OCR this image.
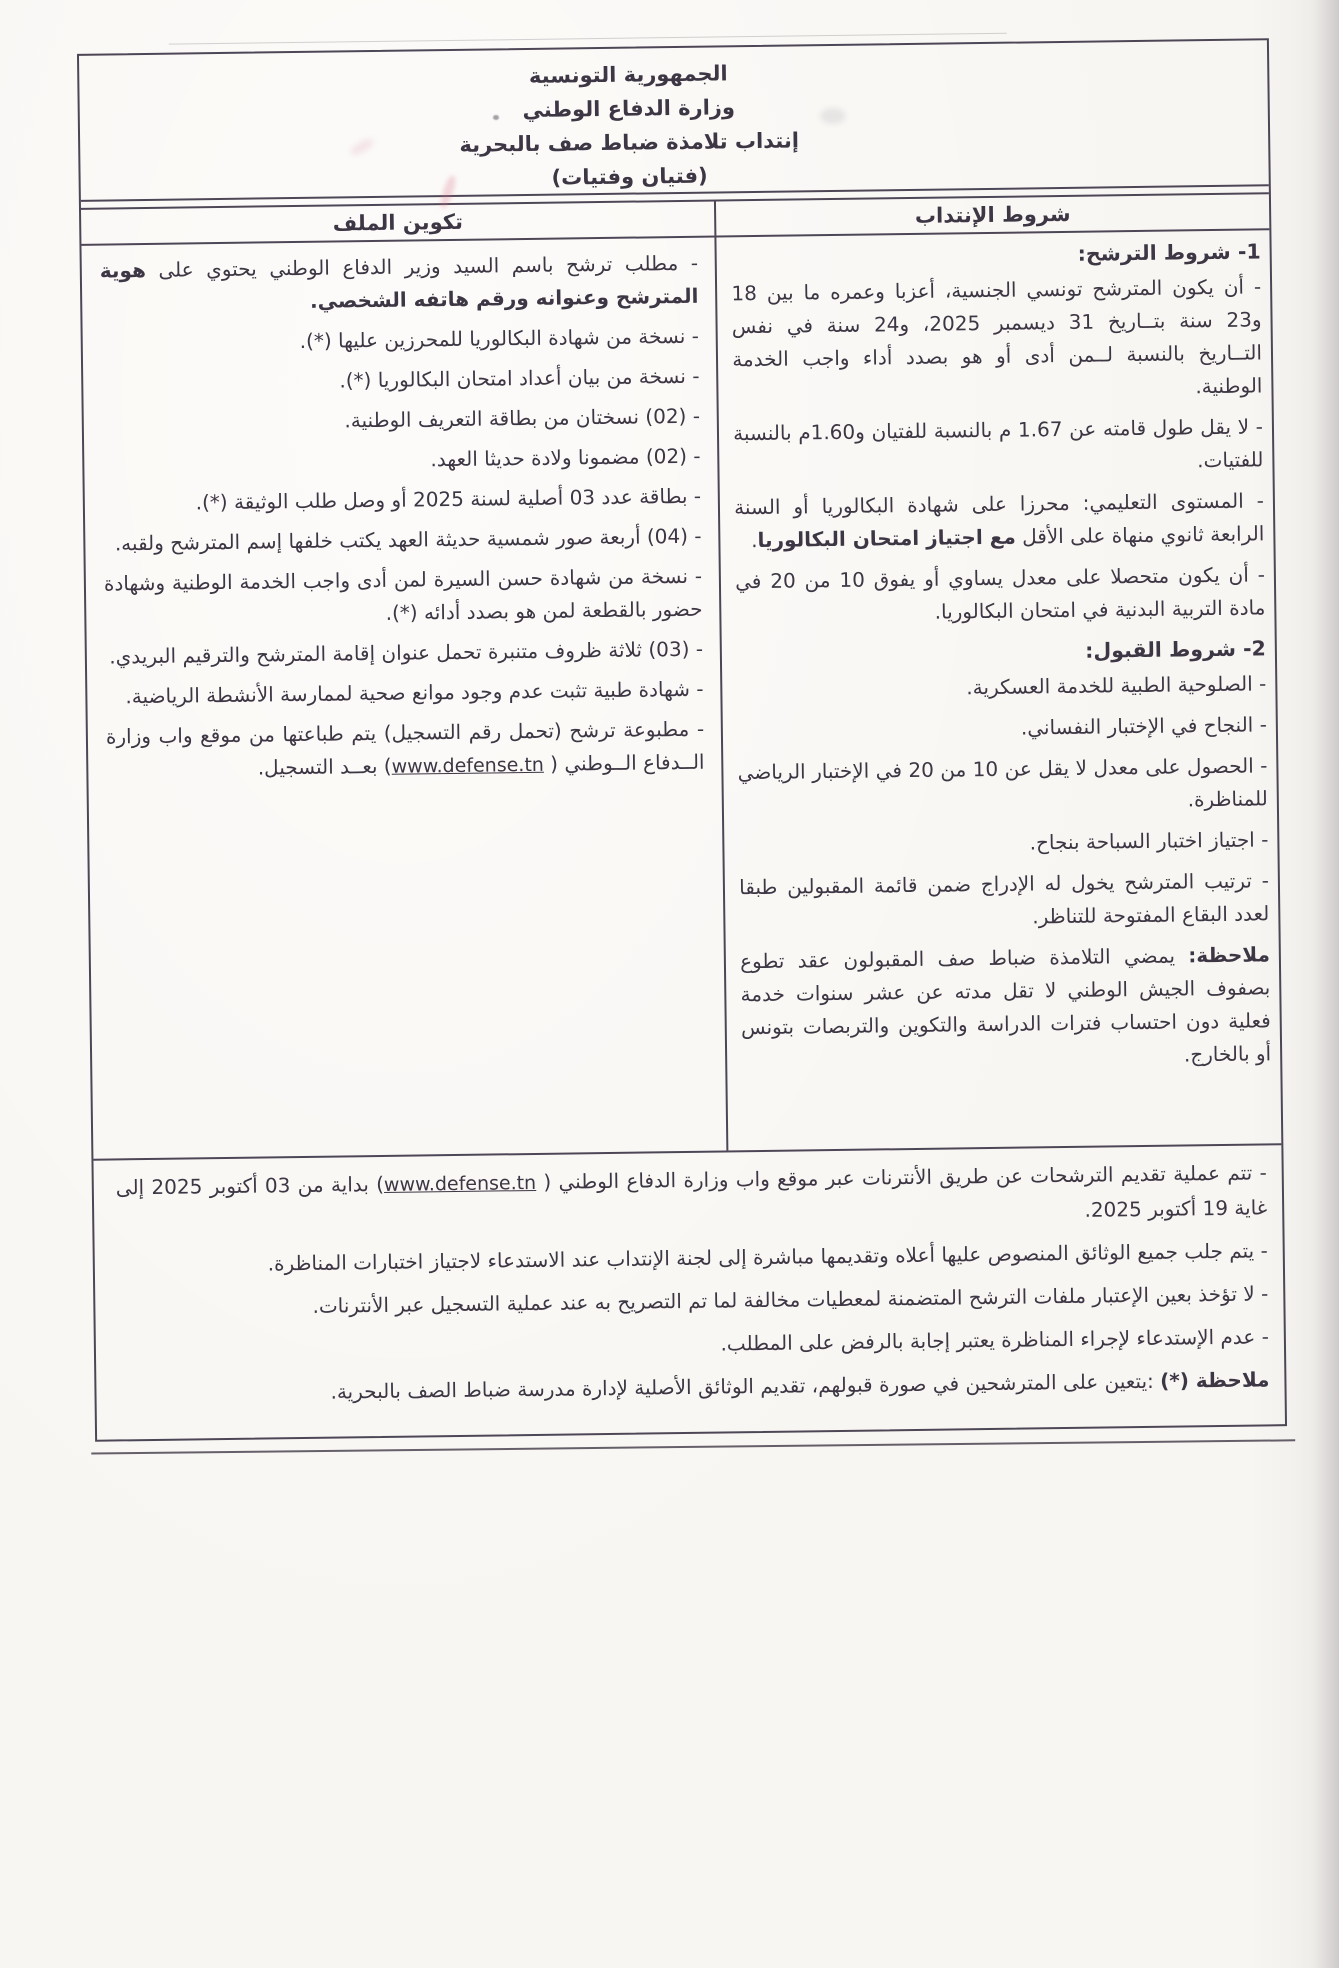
الجمهورية التونسية
وزارة الدفاع الوطني
إنتداب تلامذة ضباط صف بالبحرية
(فتيان وفتيات)
شروط الإنتداب
تكوين الملف

1- شروط الترشح:

- أن يكون المترشح تونسي الجنسية، أعزبا وعمره ما بين 18 و23 سنة بتــاريخ 31 ديسمبر 2025، و24 سنة في نفس التــاريخ بالنسبة لــمن أدى أو هو بصدد أداء واجب الخدمة الوطنية.

- لا يقل طول قامته عن 1.67 م بالنسبة للفتيان و1.60م بالنسبة للفتيات.

- المستوى التعليمي: محرزا على شهادة البكالوريا أو السنة الرابعة ثانوي منهاة على الأقل مع اجتياز امتحان البكالوريا.

- أن يكون متحصلا على معدل يساوي أو يفوق 10 من 20 في مادة التربية البدنية في امتحان البكالوريا.

2- شروط القبول:

- الصلوحية الطبية للخدمة العسكرية.

- النجاح في الإختبار النفساني.

- الحصول على معدل لا يقل عن 10 من 20 في الإختبار الرياضي للمناظرة.

- اجتياز اختبار السباحة بنجاح.

- ترتيب المترشح يخول له الإدراج ضمن قائمة المقبولين طبقا لعدد البقاع المفتوحة للتناظر.

ملاحظة: يمضي التلامذة ضباط صف المقبولون عقد تطوع بصفوف الجيش الوطني لا تقل مدته عن عشر سنوات خدمة فعلية دون احتساب فترات الدراسة والتكوين والتربصات بتونس أو بالخارج.

- مطلب ترشح باسم السيد وزير الدفاع الوطني يحتوي على هوية المترشح وعنوانه ورقم هاتفه الشخصي.

- نسخة من شهادة البكالوريا للمحرزين عليها (*).

- نسخة من بيان أعداد امتحان البكالوريا (*).

- (02) نسختان من بطاقة التعريف الوطنية.

- (02) مضمونا ولادة حديثا العهد.

- بطاقة عدد 03 أصلية لسنة 2025 أو وصل طلب الوثيقة (*).

- (04) أربعة صور شمسية حديثة العهد يكتب خلفها إسم المترشح ولقبه.

- نسخة من شهادة حسن السيرة لمن أدى واجب الخدمة الوطنية وشهادة حضور بالقطعة لمن هو بصدد أدائه (*).

- (03) ثلاثة ظروف متنبرة تحمل عنوان إقامة المترشح والترقيم البريدي.

- شهادة طبية تثبت عدم وجود موانع صحية لممارسة الأنشطة الرياضية.

- مطبوعة ترشح (تحمل رقم التسجيل) يتم طباعتها من موقع واب وزارة الــدفاع الــوطني ( www.defense.tn) بعــد التسجيل.

- تتم عملية تقديم الترشحات عن طريق الأنترنات عبر موقع واب وزارة الدفاع الوطني ( www.defense.tn) بداية من 03 أكتوبر 2025 إلى غاية 19 أكتوبر 2025.

- يتم جلب جميع الوثائق المنصوص عليها أعلاه وتقديمها مباشرة إلى لجنة الإنتداب عند الاستدعاء لاجتياز اختبارات المناظرة.

- لا تؤخذ بعين الإعتبار ملفات الترشح المتضمنة لمعطيات مخالفة لما تم التصريح به عند عملية التسجيل عبر الأنترنات.

- عدم الإستدعاء لإجراء المناظرة يعتبر إجابة بالرفض على المطلب.

ملاحظة (*) :يتعين على المترشحين في صورة قبولهم، تقديم الوثائق الأصلية لإدارة مدرسة ضباط الصف بالبحرية.
